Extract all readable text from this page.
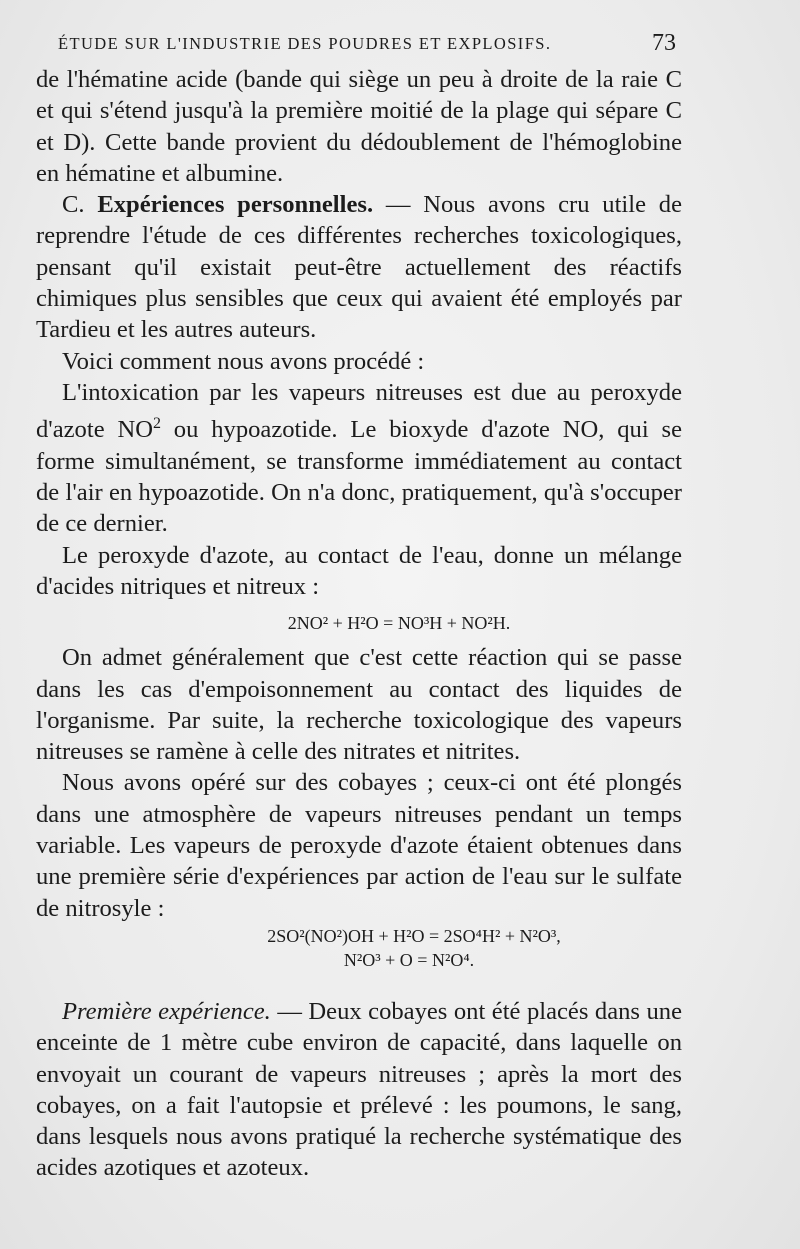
ÉTUDE SUR L'INDUSTRIE DES POUDRES ET EXPLOSIFS.	73

de l'hématine acide (bande qui siège un peu à droite de la raie C et qui s'étend jusqu'à la première moitié de la plage qui sépare C et D). Cette bande provient du dédoublement de l'hémoglobine en hématine et albumine.

C. Expériences personnelles. — Nous avons cru utile de reprendre l'étude de ces différentes recherches toxicologiques, pensant qu'il existait peut-être actuellement des réactifs chimiques plus sensibles que ceux qui avaient été employés par Tardieu et les autres auteurs.

Voici comment nous avons procédé :

L'intoxication par les vapeurs nitreuses est due au peroxyde d'azote $NO^2$ ou hypoazotide. Le bioxyde d'azote NO, qui se forme simultanément, se transforme immédiatement au contact de l'air en hypoazotide. On n'a donc, pratiquement, qu'à s'occuper de ce dernier.

Le peroxyde d'azote, au contact de l'eau, donne un mélange d'acides nitriques et nitreux :

2NO² + H²O = NO³H + NO²H.

On admet généralement que c'est cette réaction qui se passe dans les cas d'empoisonnement au contact des liquides de l'organisme. Par suite, la recherche toxicologique des vapeurs nitreuses se ramène à celle des nitrates et nitrites.

Nous avons opéré sur des cobayes ; ceux-ci ont été plongés dans une atmosphère de vapeurs nitreuses pendant un temps variable. Les vapeurs de peroxyde d'azote étaient obtenues dans une première série d'expériences par action de l'eau sur le sulfate de nitrosyle :

2SO²(NO²)OH + H²O = 2SO⁴H² + N²O³,
N²O³ + O = N²O⁴.

Première expérience. — Deux cobayes ont été placés dans une enceinte de 1 mètre cube environ de capacité, dans laquelle on envoyait un courant de vapeurs nitreuses ; après la mort des cobayes, on a fait l'autopsie et prélevé : les poumons, le sang, dans lesquels nous avons pratiqué la recherche systématique des acides azotiques et azoteux.
